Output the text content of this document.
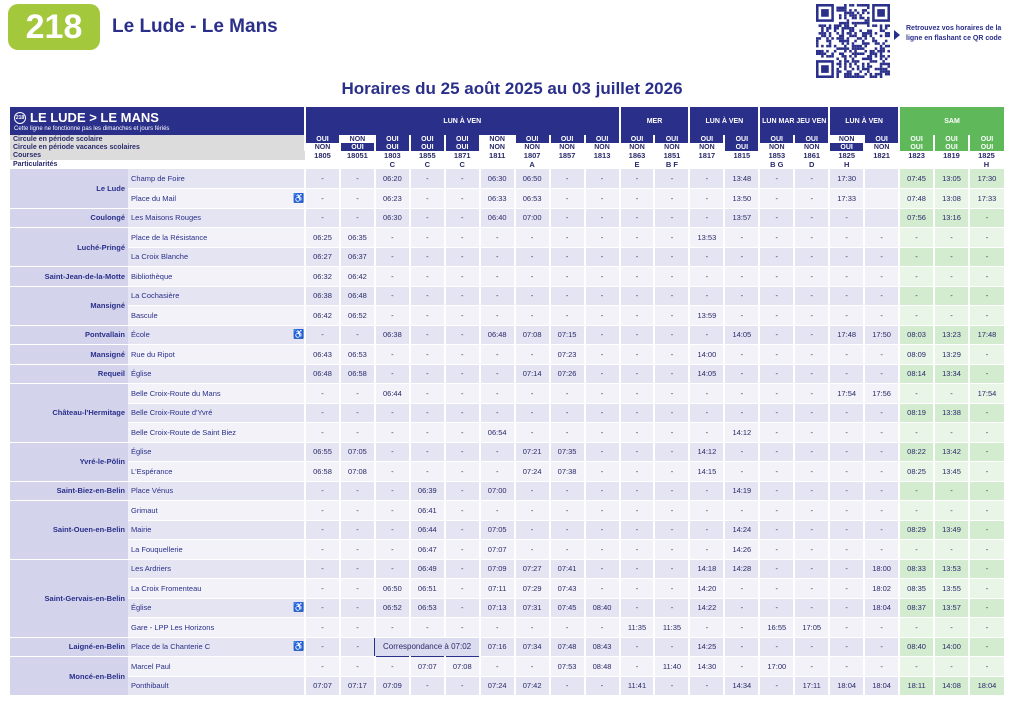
218	Le Lude - Le Mans	Retrouvez vos horaires de la ligne en flashant ce QR code
Horaires du 25 août 2025 au 03 juillet 2026
218 LE LUDE > LE MANS
Cette ligne ne fonctionne pas les dimanches et jours fériés			LUN À VEN									MER		LUN À VEN		LUN MAR JEU VEN		LUN À VEN		SAM		
Circule en période scolaire			OUI	NON	OUI	OUI	OUI	NON	OUI	OUI	OUI	OUI	OUI	OUI	OUI	OUI	OUI	NON	OUI	OUI	OUI	OUI
Circule en période vacances scolaires			NON	OUI	OUI	OUI	OUI	NON	NON	NON	NON	NON	NON	NON	OUI	NON	NON	OUI	NON	OUI	OUI	OUI
Courses			1805	18051	1803	1855	1871	1811	1807	1857	1813	1863	1851	1817	1815	1853	1861	1825	1821	1823	1819	1825
Particularités					C	C	C		A			E	B F			B G	D	H				H
Le Lude	Champ de Foire		-	-	06:20	-	-	06:30	06:50	-	-	-	-	-	13:48	-	-	17:30		07:45	13:05	17:30
	Place du Mail	♿	-	-	06:23	-	-	06:33	06:53	-	-	-	-	-	13:50	-	-	17:33		07:48	13:08	17:33
Coulongé	Les Maisons Rouges		-	-	06:30	-	-	06:40	07:00	-	-	-	-	-	13:57	-	-	-		07:56	13:16	-
Luché-Pringé	Place de la Résistance		06:25	06:35	-	-	-	-	-	-	-	-	-	13:53	-	-	-	-	-	-	-	-
	La Croix Blanche		06:27	06:37	-	-	-	-	-	-	-	-	-	-	-	-	-	-	-	-	-	-
Saint-Jean-de-la-Motte	Bibliothèque		06:32	06:42	-	-	-	-	-	-	-	-	-	-	-	-	-	-	-	-	-	-
Mansigné	La Cochasière		06:38	06:48	-	-	-	-	-	-	-	-	-	-	-	-	-	-	-	-	-	-
	Bascule		06:42	06:52	-	-	-	-	-	-	-	-	-	13:59	-	-	-	-	-	-	-	-
Pontvallain	École	♿	-	-	06:38	-	-	06:48	07:08	07:15	-	-	-	-	14:05	-	-	17:48	17:50	08:03	13:23	17:48
Mansigné	Rue du Ripot		06:43	06:53	-	-	-	-	-	07:23	-	-	-	14:00	-	-	-	-	-	08:09	13:29	-
Requeil	Église		06:48	06:58	-	-	-	-	07:14	07:26	-	-	-	14:05	-	-	-	-	-	08:14	13:34	-
Château-l'Hermitage	Belle Croix-Route du Mans		-	-	06:44	-	-	-	-	-	-	-	-	-	-	-	-	17:54	17:56	-	-	17:54
	Belle Croix-Route d'Yvré		-	-	-	-	-	-	-	-	-	-	-	-	-	-	-	-	-	08:19	13:38	-
	Belle Croix-Route de Saint Biez		-	-	-	-	-	06:54	-	-	-	-	-	-	14:12	-	-	-	-	-	-	-
Yvré-le-Pôlin	Église		06:55	07:05	-	-	-	-	07:21	07:35	-	-	-	14:12	-	-	-	-	-	08:22	13:42	-
	L'Espérance		06:58	07:08	-	-	-	-	07:24	07:38	-	-	-	14:15	-	-	-	-	-	08:25	13:45	-
Saint-Biez-en-Belin	Place Vénus		-	-	-	06:39	-	07:00	-	-	-	-	-	-	14:19	-	-	-	-	-	-	-
Saint-Ouen-en-Belin	Grimaut		-	-	-	06:41	-	-	-	-	-	-	-	-	-	-	-	-	-	-	-	-
	Mairie		-	-	-	06:44	-	07:05	-	-	-	-	-	-	14:24	-	-	-	-	08:29	13:49	-
	La Fouquellerie		-	-	-	06:47	-	07:07	-	-	-	-	-	-	14:26	-	-	-	-	-	-	-
Saint-Gervais-en-Belin	Les Ardriers		-	-	-	06:49	-	07:09	07:27	07:41	-	-	-	14:18	14:28	-	-	-	18:00	08:33	13:53	-
	La Croix Fromenteau		-	-	06:50	06:51	-	07:11	07:29	07:43	-	-	-	14:20	-	-	-	-	18:02	08:35	13:55	-
	Église	♿	-	-	06:52	06:53	-	07:13	07:31	07:45	08:40	-	-	14:22	-	-	-	-	18:04	08:37	13:57	-
	Gare - LPP Les Horizons		-	-	-	-	-	-	-	-	-	11:35	11:35	-	-	16:55	17:05	-	-	-	-	-
Laigné-en-Belin	Place de la Chanterie C	♿	-	-	Correspondance à 07:02			07:16	07:34	07:48	08:43	-	-	14:25	-	-	-	-	-	08:40	14:00	-
Moncé-en-Belin	Marcel Paul		-	-	-	07:07	07:08	-	-	07:53	08:48	-	11:40	14:30	-	17:00	-	-	-	-	-	-
	Ponthibault		07:07	07:17	07:09	-	-	07:24	07:42	-	-	11:41	-	-	14:34	-	17:11	18:04	18:04	18:11	14:08	18:04
